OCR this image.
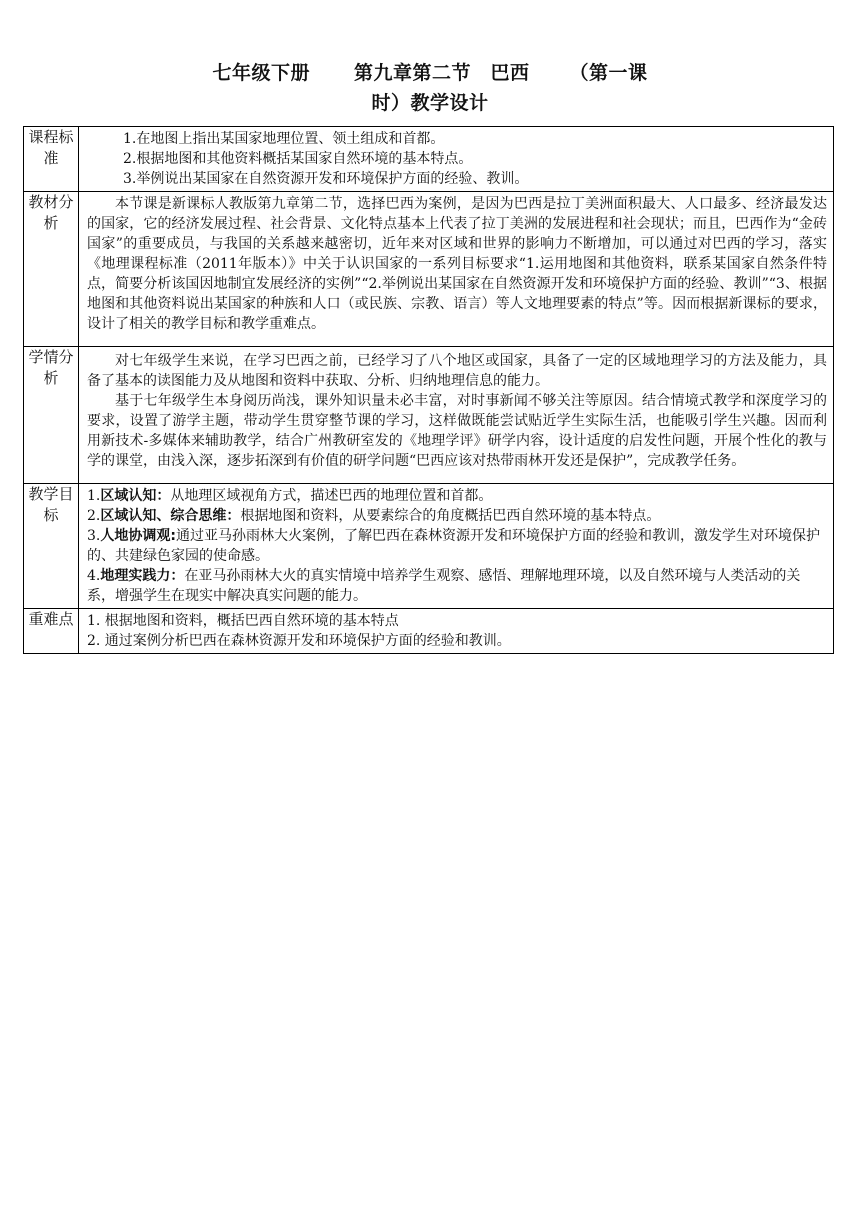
七年级下册 第九章第二节　巴西 （第一课
时）教学设计
课程标准	1.在地图上指出某国家地理位置、领土组成和首都。

2.根据地图和其他资料概括某国家自然环境的基本特点。

3.举例说出某国家在自然资源开发和环境保护方面的经验、教训。

教材分析	本节课是新课标人教版第九章第二节，选择巴西为案例，是因为巴西是拉丁美洲面积最大、人口最多、经济最发达的国家，它的经济发展过程、社会背景、文化特点基本上代表了拉丁美洲的发展进程和社会现状；而且，巴西作为“金砖国家”的重要成员，与我国的关系越来越密切，近年来对区域和世界的影响力不断增加，可以通过对巴西的学习，落实《地理课程标准（2011年版本）》中关于认识国家的一系列目标要求“1.运用地图和其他资料，联系某国家自然条件特点，简要分析该国因地制宜发展经济的实例”“2.举例说出某国家在自然资源开发和环境保护方面的经验、教训”“3、根据地图和其他资料说出某国家的种族和人口（或民族、宗教、语言）等人文地理要素的特点”等。因而根据新课标的要求，设计了相关的教学目标和教学重难点。

学情分析	对七年级学生来说，在学习巴西之前，已经学习了八个地区或国家，具备了一定的区域地理学习的方法及能力，具备了基本的读图能力及从地图和资料中获取、分析、归纳地理信息的能力。

基于七年级学生本身阅历尚浅，课外知识量未必丰富，对时事新闻不够关注等原因。结合情境式教学和深度学习的要求，设置了游学主题，带动学生贯穿整节课的学习，这样做既能尝试贴近学生实际生活，也能吸引学生兴趣。因而利用新技术-多媒体来辅助教学，结合广州教研室发的《地理学评》研学内容，设计适度的启发性问题，开展个性化的教与学的课堂，由浅入深，逐步拓深到有价值的研学问题“巴西应该对热带雨林开发还是保护”，完成教学任务。

教学目标	1.区域认知：从地理区域视角方式，描述巴西的地理位置和首都。

2.区域认知、综合思维：根据地图和资料，从要素综合的角度概括巴西自然环境的基本特点。

3.人地协调观:通过亚马孙雨林大火案例，了解巴西在森林资源开发和环境保护方面的经验和教训，激发学生对环境保护的、共建绿色家园的使命感。

4.地理实践力：在亚马孙雨林大火的真实情境中培养学生观察、感悟、理解地理环境，以及自然环境与人类活动的关系，增强学生在现实中解决真实问题的能力。

重难点	1. 根据地图和资料，概括巴西自然环境的基本特点

2. 通过案例分析巴西在森林资源开发和环境保护方面的经验和教训。
